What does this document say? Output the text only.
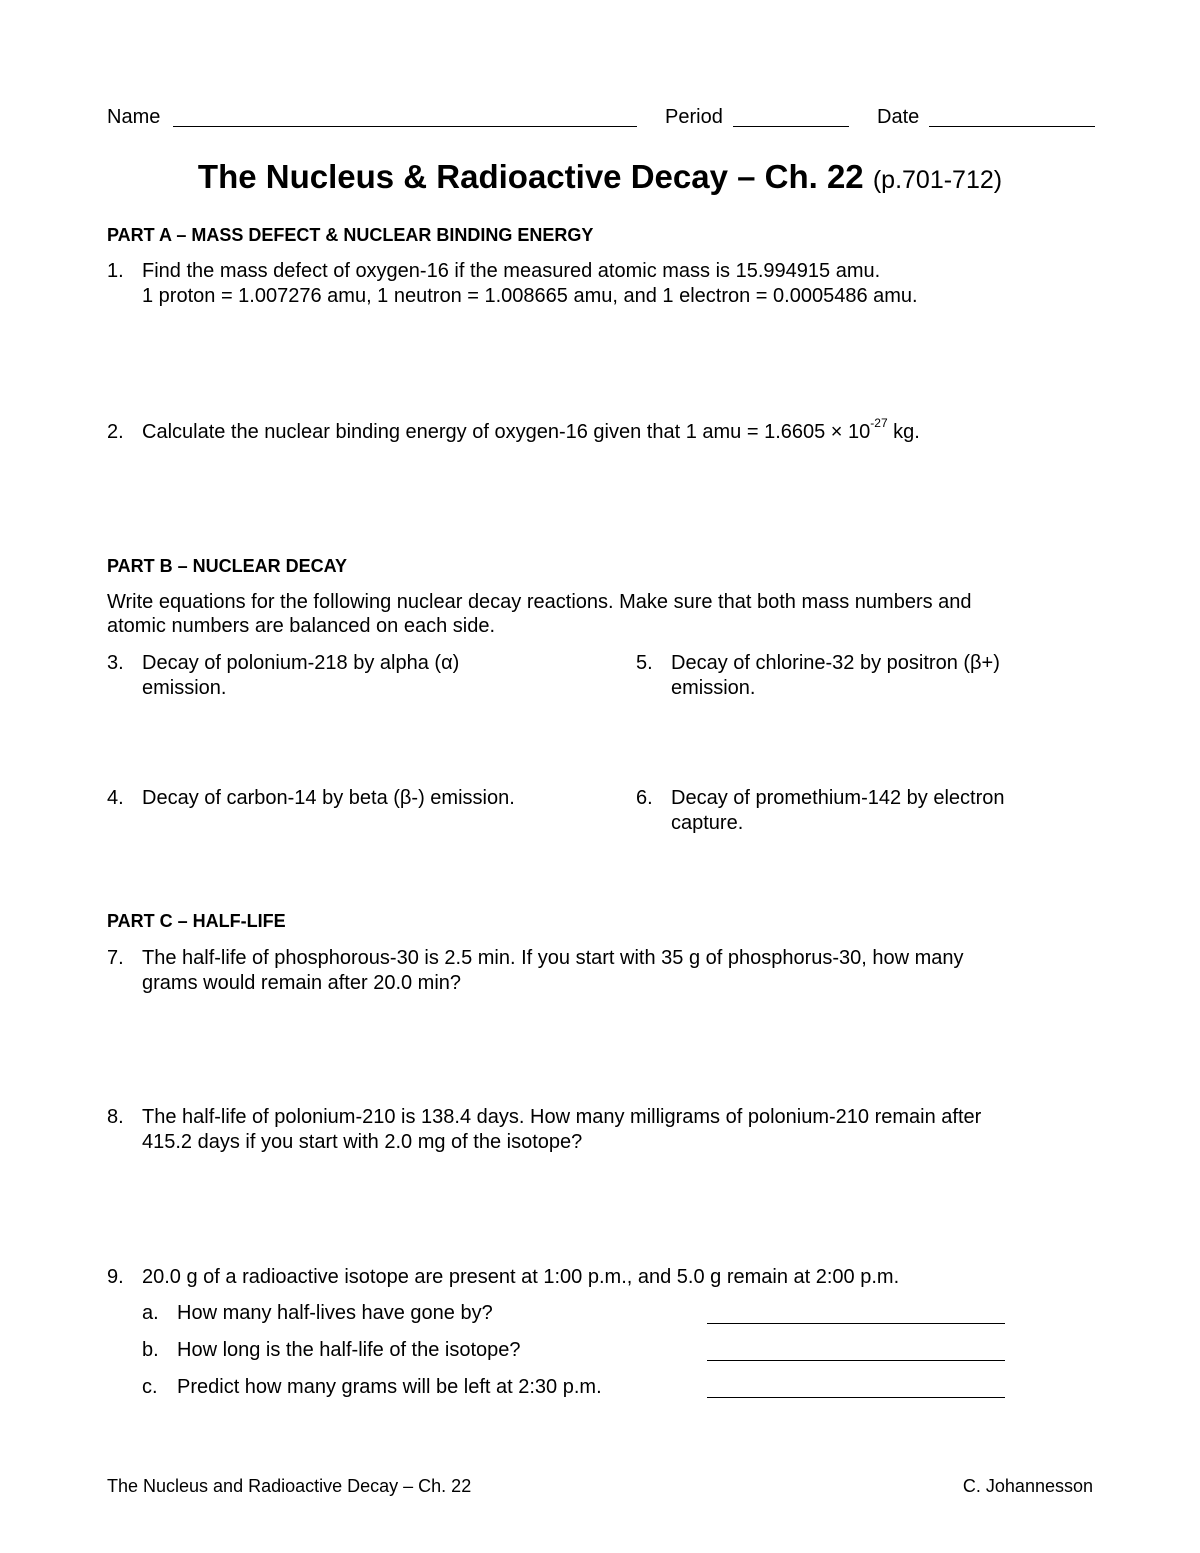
Name	Period	Date
The Nucleus & Radioactive Decay – Ch. 22 (p.701-712)
PART A – MASS DEFECT & NUCLEAR BINDING ENERGY
1. Find the mass defect of oxygen-16 if the measured atomic mass is 15.994915 amu.
1 proton = 1.007276 amu, 1 neutron = 1.008665 amu, and 1 electron = 0.0005486 amu.
2. Calculate the nuclear binding energy of oxygen-16 given that 1 amu = $1.6605 \times 10^{-27}$ kg.
PART B – NUCLEAR DECAY
Write equations for the following nuclear decay reactions. Make sure that both mass numbers and
atomic numbers are balanced on each side.
3. Decay of polonium-218 by alpha (α)
emission.
5. Decay of chlorine-32 by positron (β+)
emission.
4. Decay of carbon-14 by beta (β-) emission.	6. Decay of promethium-142 by electron
capture.
PART C – HALF-LIFE
7. The half-life of phosphorous-30 is 2.5 min. If you start with 35 g of phosphorus-30, how many
grams would remain after 20.0 min?
8. The half-life of polonium-210 is 138.4 days. How many milligrams of polonium-210 remain after
415.2 days if you start with 2.0 mg of the isotope?
9. 20.0 g of a radioactive isotope are present at 1:00 p.m., and 5.0 g remain at 2:00 p.m.
a. How many half-lives have gone by?
b. How long is the half-life of the isotope?
c. Predict how many grams will be left at 2:30 p.m.
The Nucleus and Radioactive Decay – Ch. 22	C. Johannesson
